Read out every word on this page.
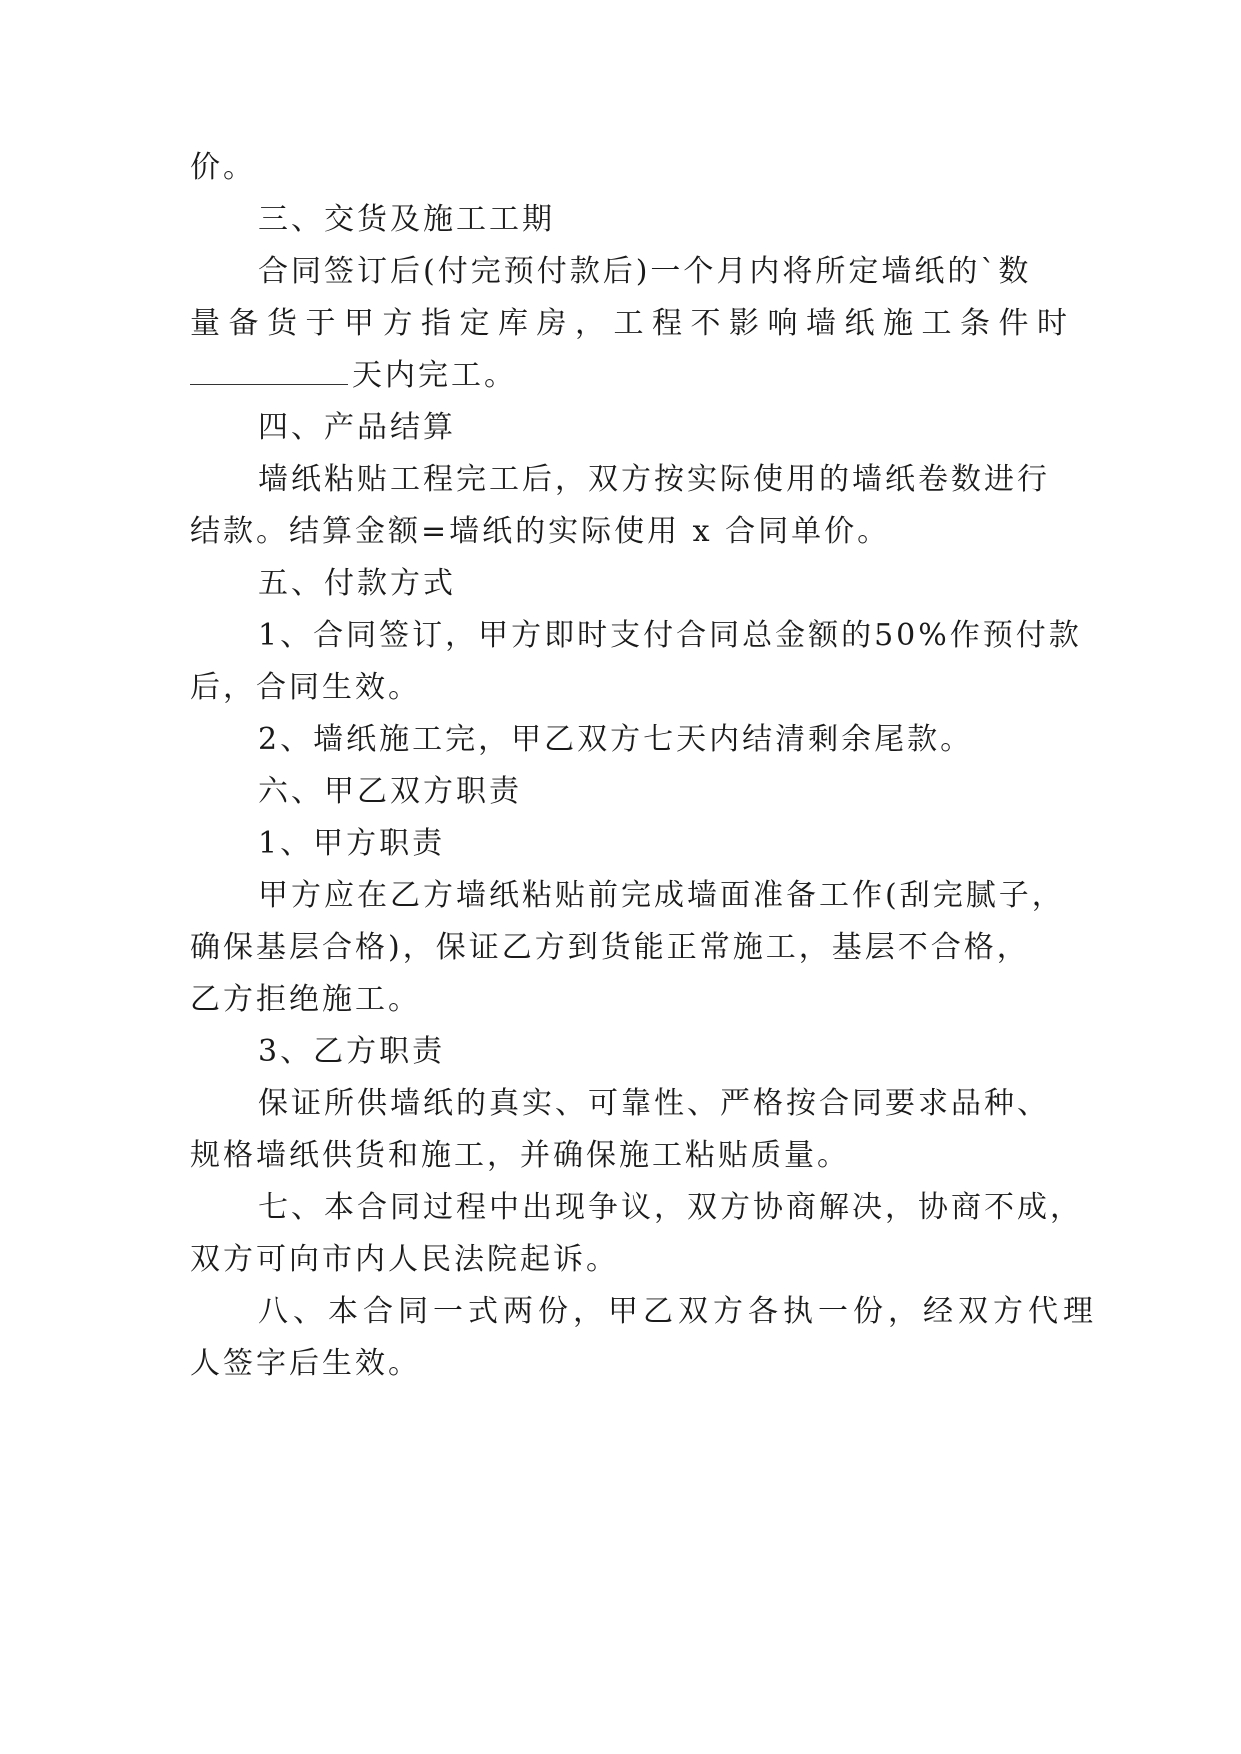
价。
三、交货及施工工期
合同签订后(付完预付款后)一个月内将所定墙纸的`数
量备货于甲方指定库房，工程不影响墙纸施工条件时
天内完工。
四、产品结算
墙纸粘贴工程完工后，双方按实际使用的墙纸卷数进行
结款。结算金额=墙纸的实际使用 x 合同单价。
五、付款方式
1、合同签订，甲方即时支付合同总金额的50%作预付款
后，合同生效。
2、墙纸施工完，甲乙双方七天内结清剩余尾款。
六、甲乙双方职责
1、甲方职责
甲方应在乙方墙纸粘贴前完成墙面准备工作(刮完腻子，
确保基层合格)，保证乙方到货能正常施工，基层不合格，
乙方拒绝施工。
3、乙方职责
保证所供墙纸的真实、可靠性、严格按合同要求品种、
规格墙纸供货和施工，并确保施工粘贴质量。
七、本合同过程中出现争议，双方协商解决，协商不成，
双方可向市内人民法院起诉。
八、本合同一式两份，甲乙双方各执一份，经双方代理
人签字后生效。
